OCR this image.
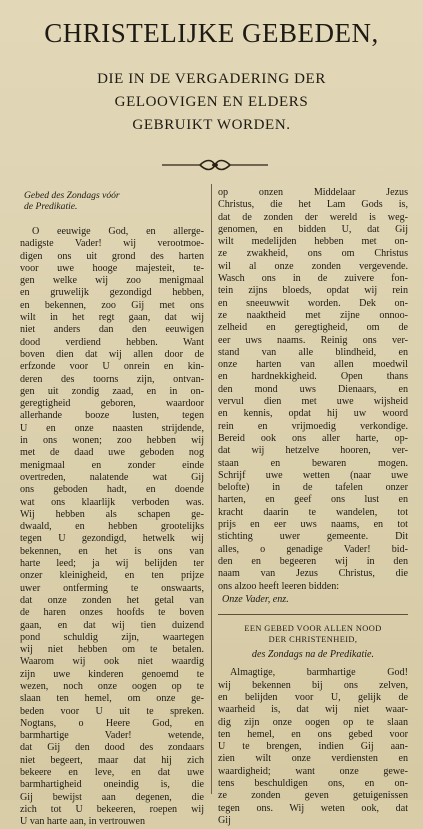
CHRISTELIJKE GEBEDEN,
DIE IN DE VERGADERING DER
GELOOVIGEN EN ELDERS
GEBRUIKT WORDEN.

Gebed des Zondags vóór
de Predikatie.

O eeuwige God, en allerge-
nadigste Vader! wij verootmoe-
digen ons uit grond des harten
voor uwe hooge majesteit, te-
gen welke wij zoo menigmaal
en gruwelijk gezondigd hebben,
en bekennen, zoo Gij met ons
wilt in het regt gaan, dat wij
niet anders dan den eeuwigen
dood verdiend hebben. Want
boven dien dat wij allen door de
erfzonde voor U onrein en kin-
deren des toorns zijn, ontvan-
gen uit zondig zaad, en in on-
geregtigheid geboren, waardoor
allerhande booze lusten, tegen
U en onze naasten strijdende,
in ons wonen; zoo hebben wij
met de daad uwe geboden nog
menigmaal en zonder einde
overtreden, nalatende wat Gij
ons geboden hadt, en doende
wat ons klaarlijk verboden was.
Wij hebben als schapen ge-
dwaald, en hebben grootelijks
tegen U gezondigd, hetwelk wij
bekennen, en het is ons van
harte leed; ja wij belijden ter
onzer kleinigheid, en ten prijze
uwer ontferming te onswaarts,
dat onze zonden het getal van
de haren onzes hoofds te boven
gaan, en dat wij tien duizend
pond schuldig zijn, waartegen
wij niet hebben om te betalen.
Waarom wij ook niet waardig
zijn uwe kinderen genoemd te
wezen, noch onze oogen op te
slaan ten hemel, om onze ge-
beden voor U uit te spreken.
Nogtans, o Heere God, en
barmhartige Vader! wetende,
dat Gij den dood des zondaars
niet begeert, maar dat hij zich
bekeere en leve, en dat uwe
barmhartigheid oneindig is, die
Gij bewijst aan degenen, die
zich tot U bekeeren, roepen wij
U van harte aan, in vertrouwen
op onzen Middelaar Jezus
Christus, die het Lam Gods is,
dat de zonden der wereld is weg-
genomen, en bidden U, dat Gij
wilt medelijden hebben met on-
ze zwakheid, ons om Christus
wil al onze zonden vergevende.
Wasch ons in de zuivere fon-
tein zijns bloeds, opdat wij rein
en sneeuwwit worden. Dek on-
ze naaktheid met zijne onnoo-
zelheid en geregtigheid, om de
eer uws naams. Reinig ons ver-
stand van alle blindheid, en
onze harten van allen moedwil
en hardnekkigheid. Open thans
den mond uws Dienaars, en
vervul dien met uwe wijsheid
en kennis, opdat hij uw woord
rein en vrijmoedig verkondige.
Bereid ook ons aller harte, op-
dat wij hetzelve hooren, ver-
staan en bewaren mogen.
Schrijf uwe wetten (naar uwe
belofte) in de tafelen onzer
harten, en geef ons lust en
kracht daarin te wandelen, tot
prijs en eer uws naams, en tot
stichting uwer gemeente. Dit
alles, o genadige Vader! bid-
den en begeeren wij in den
naam van Jezus Christus, die
ons alzoo heeft leeren bidden:

Onze Vader, enz.

EEN GEBED VOOR ALLEN NOOD
DER CHRISTENHEID,

des Zondags na de Predikatie.

Almagtige, barmhartige God!
wij bekennen bij ons zelven,
en belijden voor U, gelijk de
waarheid is, dat wij niet waar-
dig zijn onze oogen op te slaan
ten hemel, en ons gebed voor
U te brengen, indien Gij aan-
zien wilt onze verdiensten en
waardigheid; want onze gewe-
tens beschuldigen ons, en on-
ze zonden geven getuigenissen
tegen ons. Wij weten ook, dat
Gij
